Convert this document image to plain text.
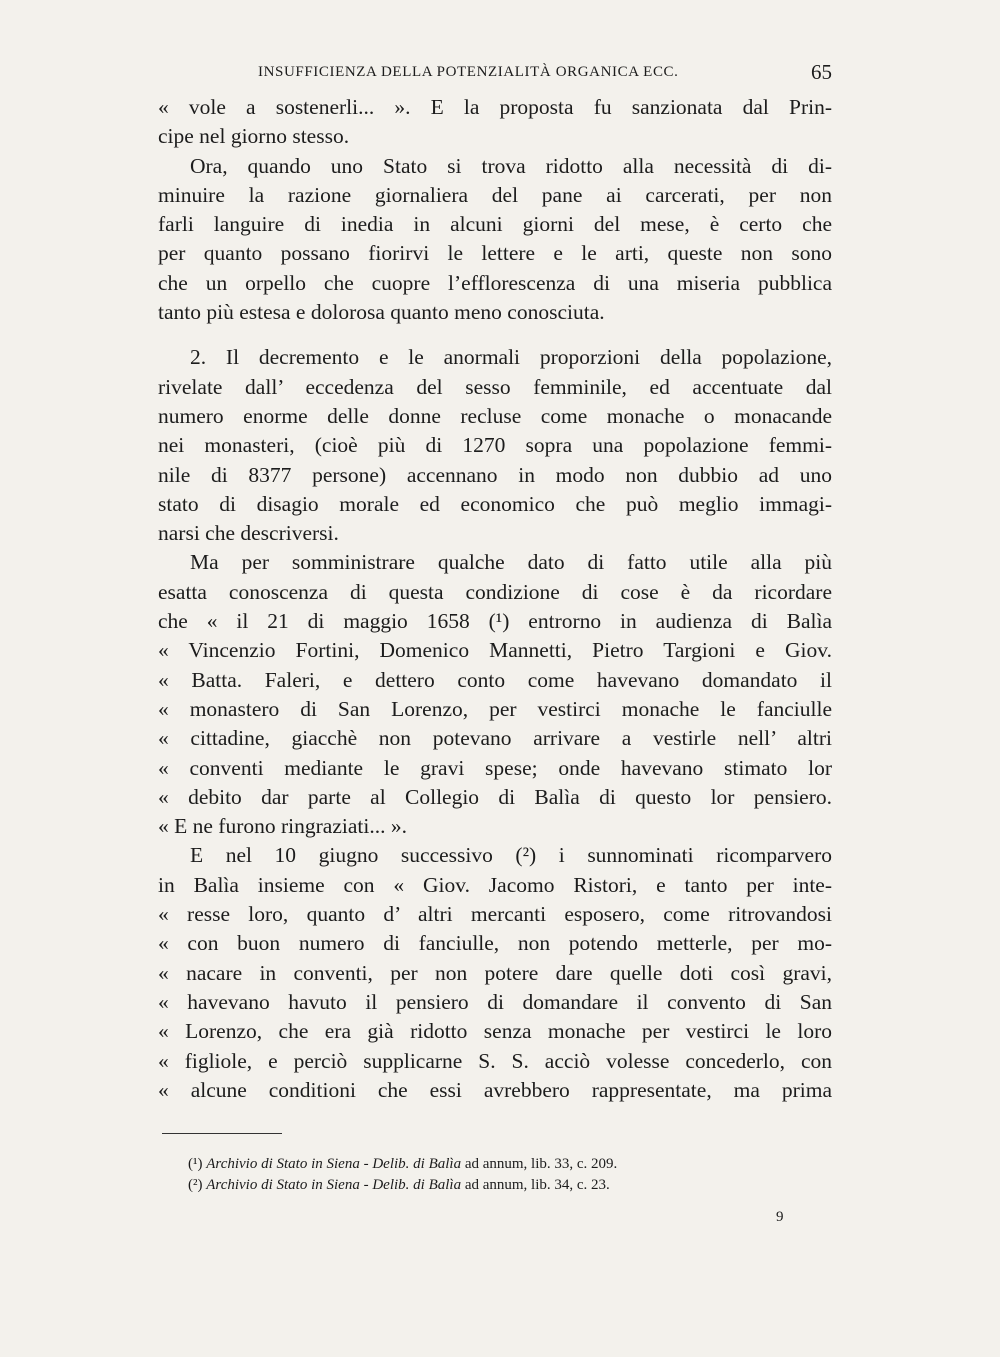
INSUFFICIENZA DELLA POTENZIALITÀ ORGANICA ECC.	65
« vole a sostenerli... ». E la proposta fu sanzionata dal Prin-
cipe nel giorno stesso.
Ora, quando uno Stato si trova ridotto alla necessità di di-
minuire la razione giornaliera del pane ai carcerati, per non
farli languire di inedia in alcuni giorni del mese, è certo che
per quanto possano fiorirvi le lettere e le arti, queste non sono
che un orpello che cuopre l’efflorescenza di una miseria pubblica
tanto più estesa e dolorosa quanto meno conosciuta.
2. Il decremento e le anormali proporzioni della popolazione,
rivelate dall’ eccedenza del sesso femminile, ed accentuate dal
numero enorme delle donne recluse come monache o monacande
nei monasteri, (cioè più di 1270 sopra una popolazione femmi-
nile di 8377 persone) accennano in modo non dubbio ad uno
stato di disagio morale ed economico che può meglio immagi-
narsi che descriversi.
Ma per somministrare qualche dato di fatto utile alla più
esatta conoscenza di questa condizione di cose è da ricordare
che « il 21 di maggio 1658 (¹) entrorno in audienza di Balìa
« Vincenzio Fortini, Domenico Mannetti, Pietro Targioni e Giov.
« Batta. Faleri, e dettero conto come havevano domandato il
« monastero di San Lorenzo, per vestirci monache le fanciulle
« cittadine, giacchè non potevano arrivare a vestirle nell’ altri
« conventi mediante le gravi spese; onde havevano stimato lor
« debito dar parte al Collegio di Balìa di questo lor pensiero.
« E ne furono ringraziati... ».
E nel 10 giugno successivo (²) i sunnominati ricomparvero
in Balìa insieme con « Giov. Jacomo Ristori, e tanto per inte-
« resse loro, quanto d’ altri mercanti esposero, come ritrovandosi
« con buon numero di fanciulle, non potendo metterle, per mo-
« nacare in conventi, per non potere dare quelle doti così gravi,
« havevano havuto il pensiero di domandare il convento di San
« Lorenzo, che era già ridotto senza monache per vestirci le loro
« figliole, e perciò supplicarne S. S. acciò volesse concederlo, con
« alcune conditioni che essi avrebbero rappresentate, ma prima
(¹) Archivio di Stato in Siena - Delib. di Balìa ad annum, lib. 33, c. 209.
(²) Archivio di Stato in Siena - Delib. di Balìa ad annum, lib. 34, c. 23.
9
